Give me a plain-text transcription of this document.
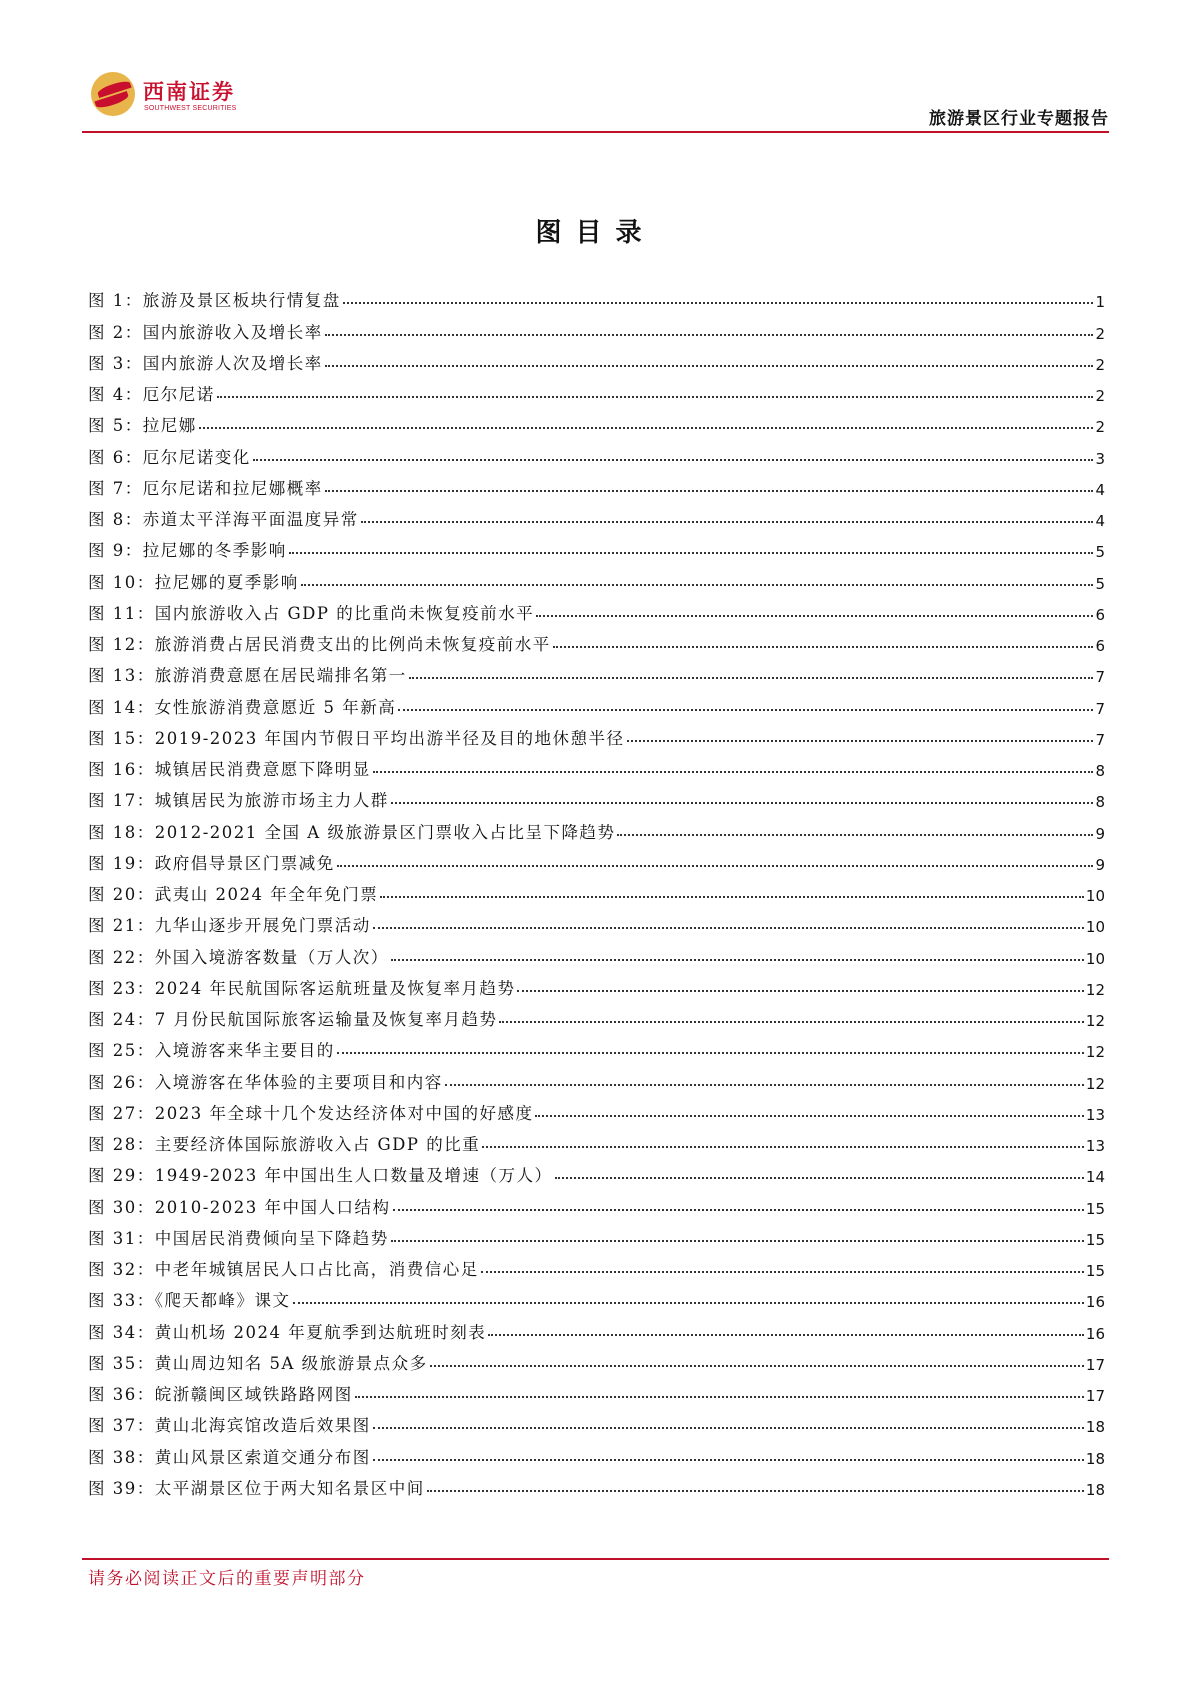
西南证券
SOUTHWEST SECURITIES
旅游景区行业专题报告
图目录
图 1：旅游及景区板块行情复盘	1
图 2：国内旅游收入及增长率	2
图 3：国内旅游人次及增长率	2
图 4：厄尔尼诺	2
图 5：拉尼娜	2
图 6：厄尔尼诺变化	3
图 7：厄尔尼诺和拉尼娜概率	4
图 8：赤道太平洋海平面温度异常	4
图 9：拉尼娜的冬季影响	5
图 10：拉尼娜的夏季影响	5
图 11：国内旅游收入占 GDP 的比重尚未恢复疫前水平	6
图 12：旅游消费占居民消费支出的比例尚未恢复疫前水平	6
图 13：旅游消费意愿在居民端排名第一	7
图 14：女性旅游消费意愿近 5 年新高	7
图 15：2019-2023 年国内节假日平均出游半径及目的地休憩半径	7
图 16：城镇居民消费意愿下降明显	8
图 17：城镇居民为旅游市场主力人群	8
图 18：2012-2021 全国 A 级旅游景区门票收入占比呈下降趋势	9
图 19：政府倡导景区门票减免	9
图 20：武夷山 2024 年全年免门票	10
图 21：九华山逐步开展免门票活动	10
图 22：外国入境游客数量（万人次）	10
图 23：2024 年民航国际客运航班量及恢复率月趋势	12
图 24：7 月份民航国际旅客运输量及恢复率月趋势	12
图 25：入境游客来华主要目的	12
图 26：入境游客在华体验的主要项目和内容	12
图 27：2023 年全球十几个发达经济体对中国的好感度	13
图 28：主要经济体国际旅游收入占 GDP 的比重	13
图 29：1949-2023 年中国出生人口数量及增速（万人）	14
图 30：2010-2023 年中国人口结构	15
图 31：中国居民消费倾向呈下降趋势	15
图 32：中老年城镇居民人口占比高，消费信心足	15
图 33：《爬天都峰》课文	16
图 34：黄山机场 2024 年夏航季到达航班时刻表	16
图 35：黄山周边知名 5A 级旅游景点众多	17
图 36：皖浙赣闽区域铁路路网图	17
图 37：黄山北海宾馆改造后效果图	18
图 38：黄山风景区索道交通分布图	18
图 39：太平湖景区位于两大知名景区中间	18
请务必阅读正文后的重要声明部分
